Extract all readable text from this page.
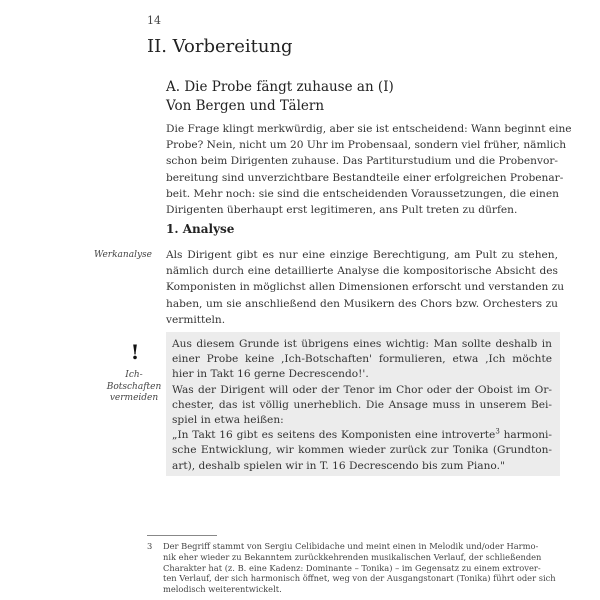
14
II. Vorbereitung
A. Die Probe fängt zuhause an (I)
Von Bergen und Tälern
Die Frage klingt merkwürdig, aber sie ist entscheidend: Wann beginnt eine
Probe? Nein, nicht um 20 Uhr im Probensaal, sondern viel früher, nämlich
schon beim Dirigenten zuhause. Das Partiturstudium und die Probenvor-
bereitung sind unverzichtbare Bestandteile einer erfolgreichen Probenar-
beit. Mehr noch: sie sind die entscheidenden Voraussetzungen, die einen
Dirigenten überhaupt erst legitimeren, ans Pult treten zu dürfen.
1. Analyse
Werkanalyse Als Dirigent gibt es nur eine einzige Berechtigung, am Pult zu stehen,
nämlich durch eine detaillierte Analyse die kompositorische Absicht des
Komponisten in möglichst allen Dimensionen erforscht und verstanden zu
haben, um sie anschließend den Musikern des Chors bzw. Orchesters zu
vermitteln.
!
Ich-
Botschaften
vermeiden
Aus diesem Grunde ist übrigens eines wichtig: Man sollte deshalb in
einer Probe keine ‚Ich-Botschaften' formulieren, etwa ‚Ich möchte
hier in Takt 16 gerne Decrescendo!'.
Was der Dirigent will oder der Tenor im Chor oder der Oboist im Or-
chester, das ist völlig unerheblich. Die Ansage muss in unserem Bei-
spiel in etwa heißen:
„In Takt 16 gibt es seitens des Komponisten eine introverte$^3$ harmoni-
sche Entwicklung, wir kommen wieder zurück zur Tonika (Grundton-
art), deshalb spielen wir in T. 16 Decrescendo bis zum Piano."
3 Der Begriff stammt von Sergiu Celibidache und meint einen in Melodik und/oder Harmo-
nik eher wieder zu Bekanntem zurückkehrenden musikalischen Verlauf, der schließenden
Charakter hat (z. B. eine Kadenz: Dominante – Tonika) – im Gegensatz zu einem extrover-
ten Verlauf, der sich harmonisch öffnet, weg von der Ausgangstonart (Tonika) führt oder sich
melodisch weiterentwickelt.
